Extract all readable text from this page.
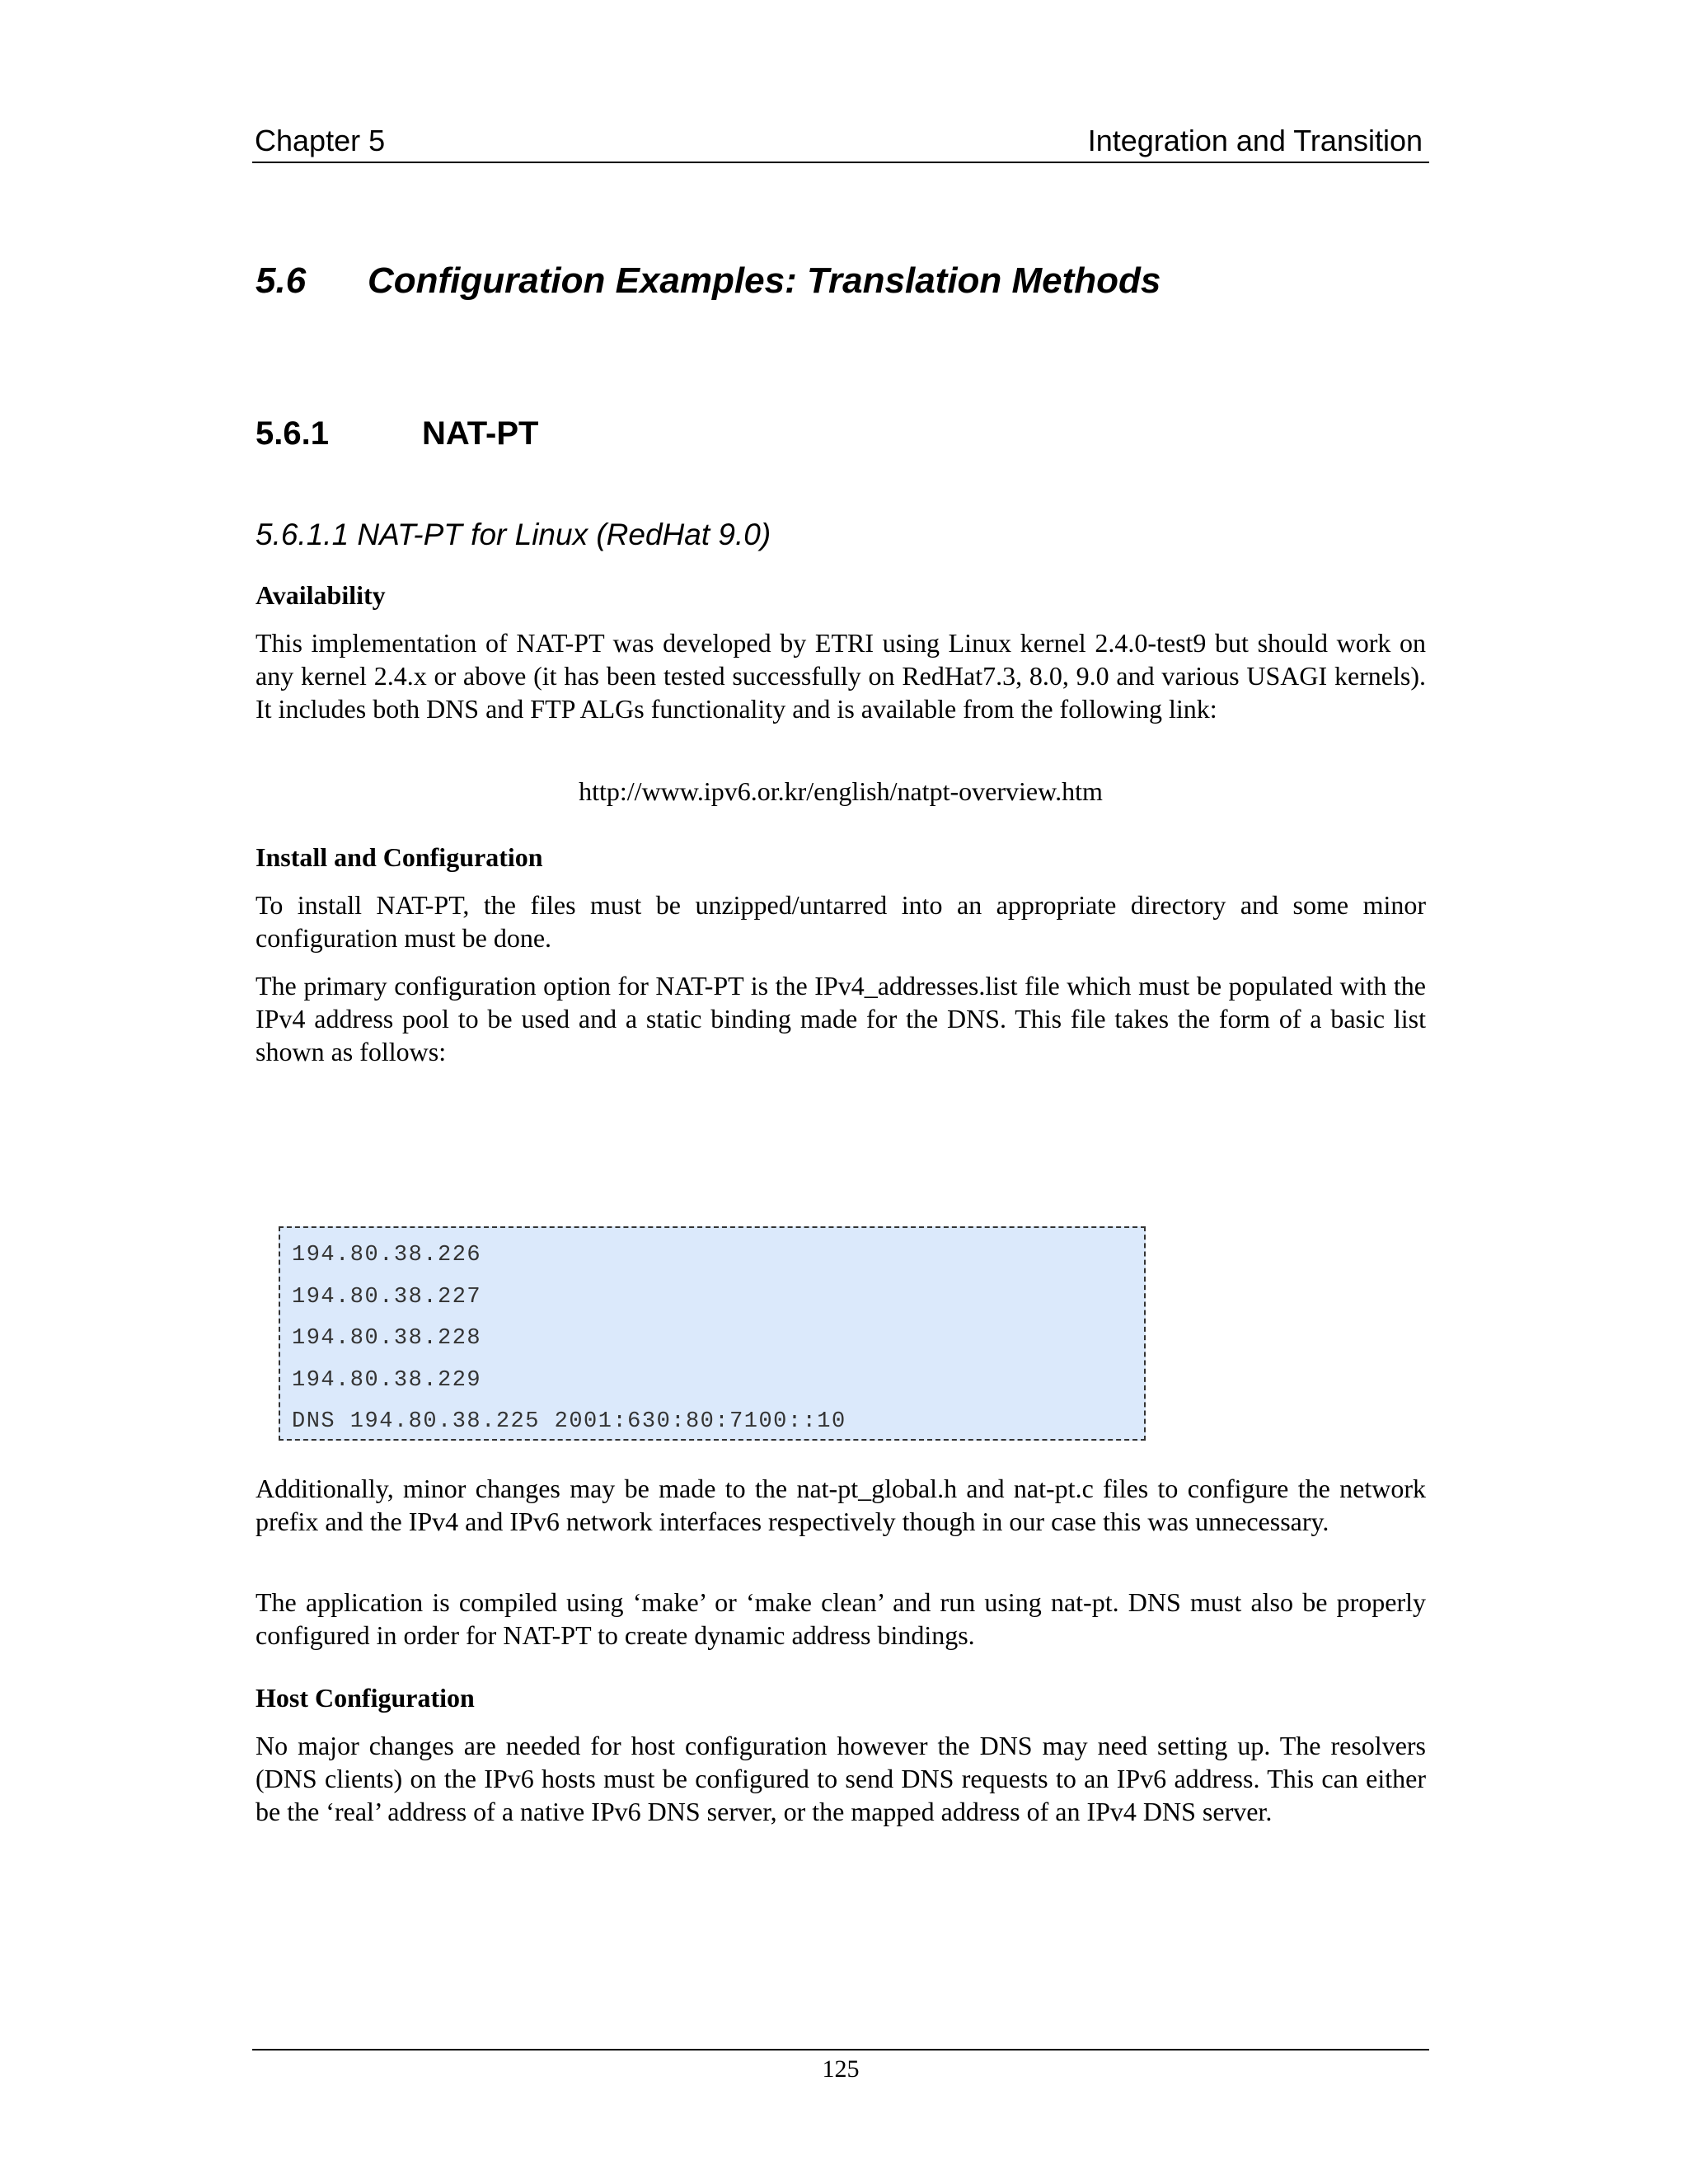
Chapter 5	Integration and Transition
5.6 Configuration Examples: Translation Methods
5.6.1	NAT-PT
5.6.1.1 NAT-PT for Linux (RedHat 9.0)
Availability
This implementation of NAT-PT was developed by ETRI using Linux kernel 2.4.0-test9 but should work on any kernel 2.4.x or above (it has been tested successfully on RedHat7.3, 8.0, 9.0 and various USAGI kernels). It includes both DNS and FTP ALGs functionality and is available from the following link:
http://www.ipv6.or.kr/english/natpt-overview.htm
Install and Configuration
To install NAT-PT, the files must be unzipped/untarred into an appropriate directory and some minor configuration must be done.
The primary configuration option for NAT-PT is the IPv4_addresses.list file which must be populated with the IPv4 address pool to be used and a static binding made for the DNS. This file takes the form of a basic list shown as follows:
194.80.38.226
194.80.38.227
194.80.38.228
194.80.38.229
DNS 194.80.38.225 2001:630:80:7100::10
Additionally, minor changes may be made to the nat-pt_global.h and nat-pt.c files to configure the network prefix and the IPv4 and IPv6 network interfaces respectively though in our case this was unnecessary.
The application is compiled using ‘make’ or ‘make clean’ and run using nat-pt. DNS must also be properly configured in order for NAT-PT to create dynamic address bindings.
Host Configuration
No major changes are needed for host configuration however the DNS may need setting up. The resolvers (DNS clients) on the IPv6 hosts must be configured to send DNS requests to an IPv6 address. This can either be the ‘real’ address of a native IPv6 DNS server, or the mapped address of an IPv4 DNS server.
125
